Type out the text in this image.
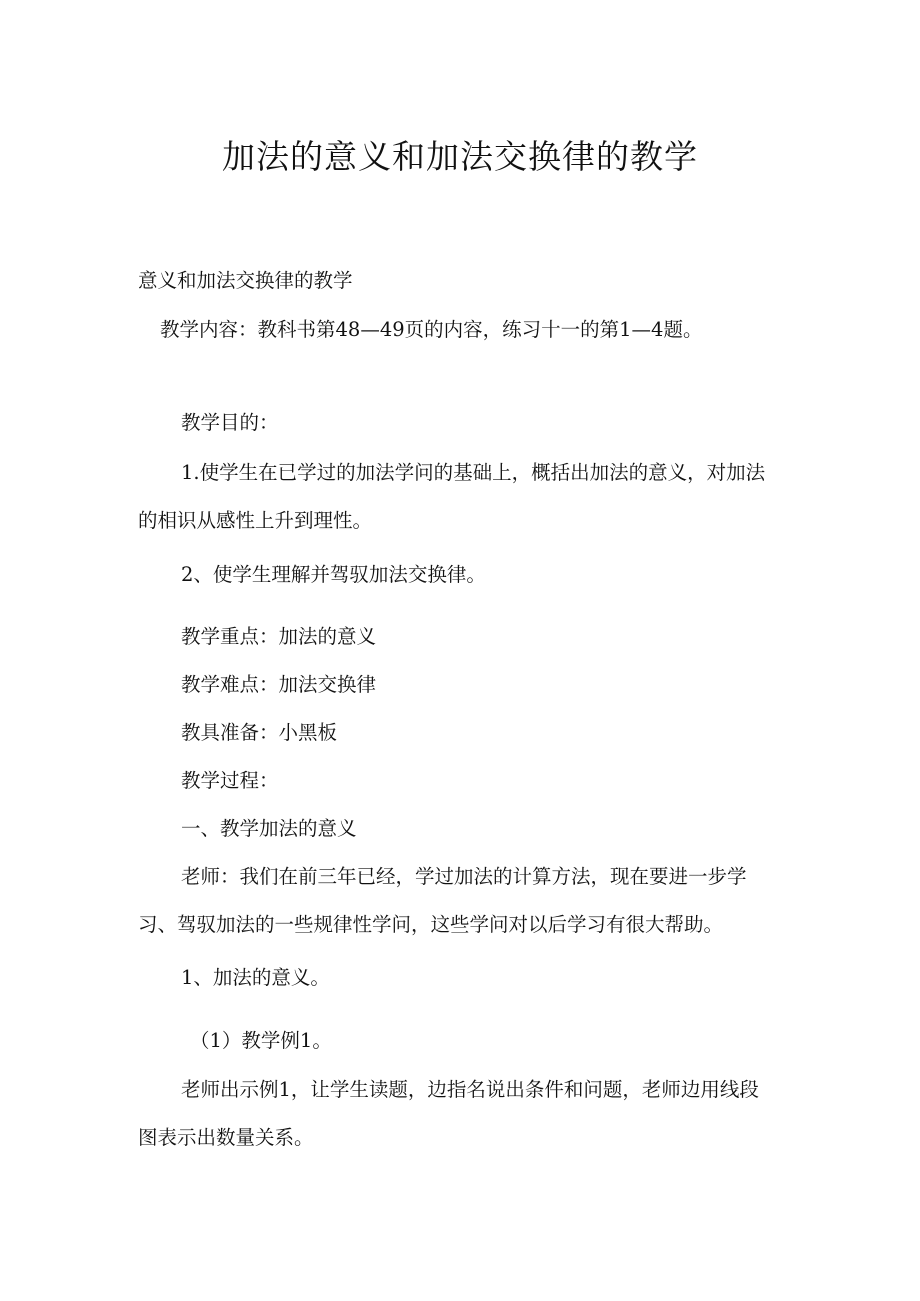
加法的意义和加法交换律的教学
意义和加法交换律的教学
教学内容：教科书第48—49页的内容，练习十一的第1—4题。
教学目的：
1.使学生在已学过的加法学问的基础上，概括出加法的意义，对加法
的相识从感性上升到理性。
2、使学生理解并驾驭加法交换律。
教学重点：加法的意义
教学难点：加法交换律
教具准备：小黑板
教学过程：
一、教学加法的意义
老师：我们在前三年已经，学过加法的计算方法，现在要进一步学
习、驾驭加法的一些规律性学问，这些学问对以后学习有很大帮助。
1、加法的意义。
（1）教学例1。
老师出示例1，让学生读题，边指名说出条件和问题，老师边用线段
图表示出数量关系。
